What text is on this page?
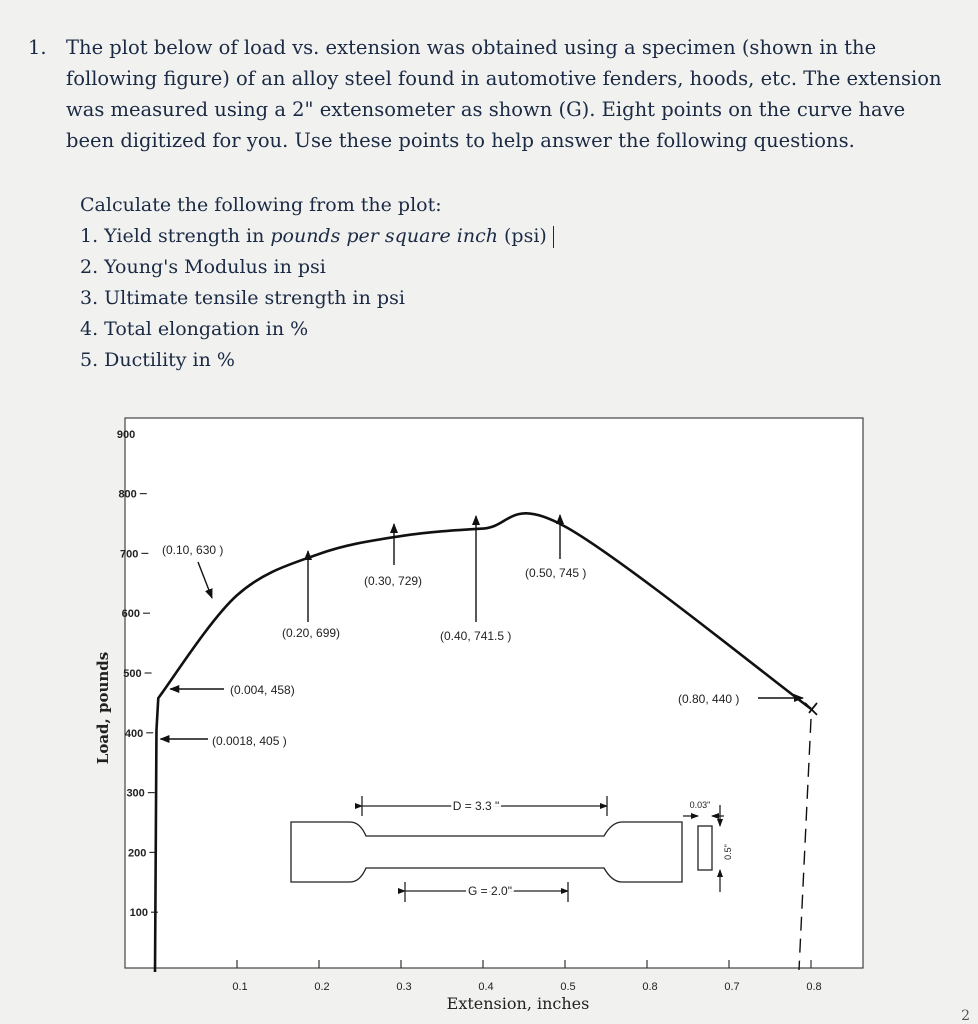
1. The plot below of load vs. extension was obtained using a specimen (shown in the following figure) of an alloy steel found in automotive fenders, hoods, etc. The extension was measured using a 2" extensometer as shown (G). Eight points on the curve have been digitized for you. Use these points to help answer the following questions.
Calculate the following from the plot:
1. Yield strength in pounds per square inch (psi)
2. Young's Modulus in psi
3. Ultimate tensile strength in psi
4. Total elongation in %
5. Ductility in %
100
200
300
400
500
600
700
800
900
0.1	0.2	0.3	0.4	0.5	0.8	0.7	0.8
Load, pounds
Extension, inches
(0.0018, 405 )
(0.004, 458)
(0.10, 630 )
(0.20, 699)
(0.30, 729)
(0.40, 741.5 )
(0.50, 745 )
(0.80, 440 )
D = 3.3 "
G = 2.0"
0.03"
0.5"
2
